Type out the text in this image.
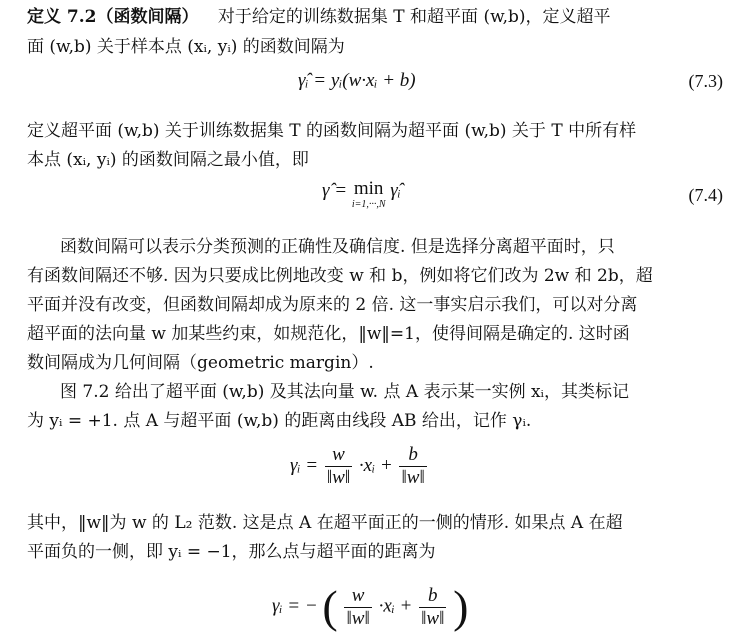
定义 7.2（函数间隔） 对于给定的训练数据集 T 和超平面 (w,b)，定义超平
面 (w,b) 关于样本点 (xᵢ, yᵢ) 的函数间隔为
γ̂ᵢ = yᵢ(w·xᵢ + b)	(7.3)
定义超平面 (w,b) 关于训练数据集 T 的函数间隔为超平面 (w,b) 关于 T 中所有样
本点 (xᵢ, yᵢ) 的函数间隔之最小值，即
γ̂ = min
i=1,···,N
γ̂ᵢ	(7.4)
函数间隔可以表示分类预测的正确性及确信度. 但是选择分离超平面时，只
有函数间隔还不够. 因为只要成比例地改变 w 和 b，例如将它们改为 2w 和 2b，超
平面并没有改变，但函数间隔却成为原来的 2 倍. 这一事实启示我们，可以对分离
超平面的法向量 w 加某些约束，如规范化，‖w‖=1，使得间隔是确定的. 这时函
数间隔成为几何间隔（geometric margin）.
图 7.2 给出了超平面 (w,b) 及其法向量 w. 点 A 表示某一实例 xᵢ，其类标记
为 yᵢ = +1. 点 A 与超平面 (w,b) 的距离由线段 AB 给出，记作 γᵢ.
γᵢ = $\frac{w}{‖w‖}$ ·xᵢ + $\frac{b}{‖w‖}$
其中，‖w‖为 w 的 L₂ 范数. 这是点 A 在超平面正的一侧的情形. 如果点 A 在超
平面负的一侧，即 yᵢ = −1，那么点与超平面的距离为
γᵢ = − ( $\frac{w}{‖w‖}$ ·xᵢ + $\frac{b}{‖w‖}$ )
